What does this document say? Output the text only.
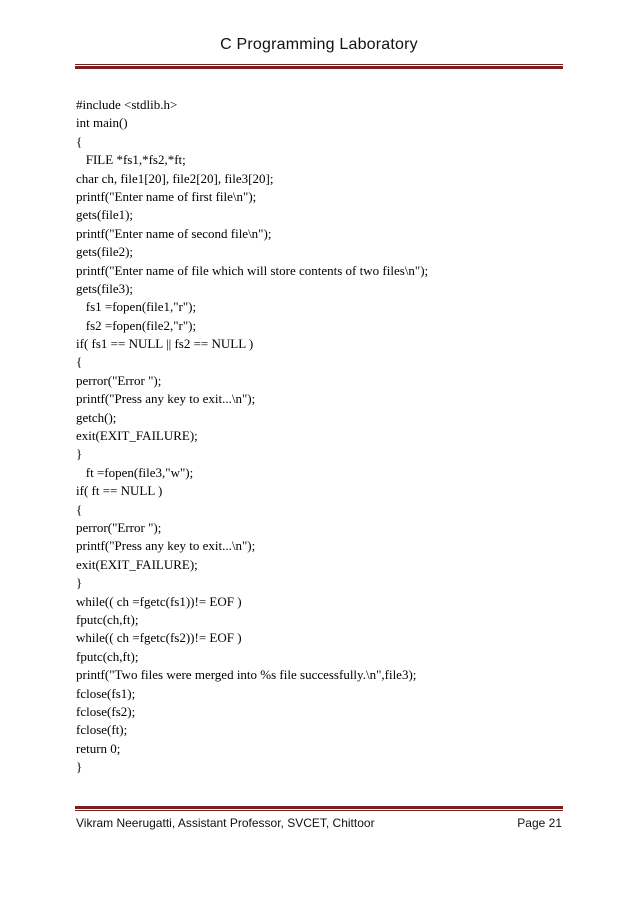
C Programming Laboratory
#include <stdlib.h>
int main()
{
FILE *fs1,*fs2,*ft;
char ch, file1[20], file2[20], file3[20];
printf("Enter name of first file\n");
gets(file1);
printf("Enter name of second file\n");
gets(file2);
printf("Enter name of file which will store contents of two files\n");
gets(file3);
fs1 =fopen(file1,"r");
fs2 =fopen(file2,"r");
if( fs1 == NULL || fs2 == NULL )
{
perror("Error ");
printf("Press any key to exit...\n");
getch();
exit(EXIT_FAILURE);
}
ft =fopen(file3,"w");
if( ft == NULL )
{
perror("Error ");
printf("Press any key to exit...\n");
exit(EXIT_FAILURE);
}
while(( ch =fgetc(fs1))!= EOF )
fputc(ch,ft);
while(( ch =fgetc(fs2))!= EOF )
fputc(ch,ft);
printf("Two files were merged into %s file successfully.\n",file3);
fclose(fs1);
fclose(fs2);
fclose(ft);
return 0;
}
Vikram Neerugatti, Assistant Professor, SVCET, Chittoor	Page 21
